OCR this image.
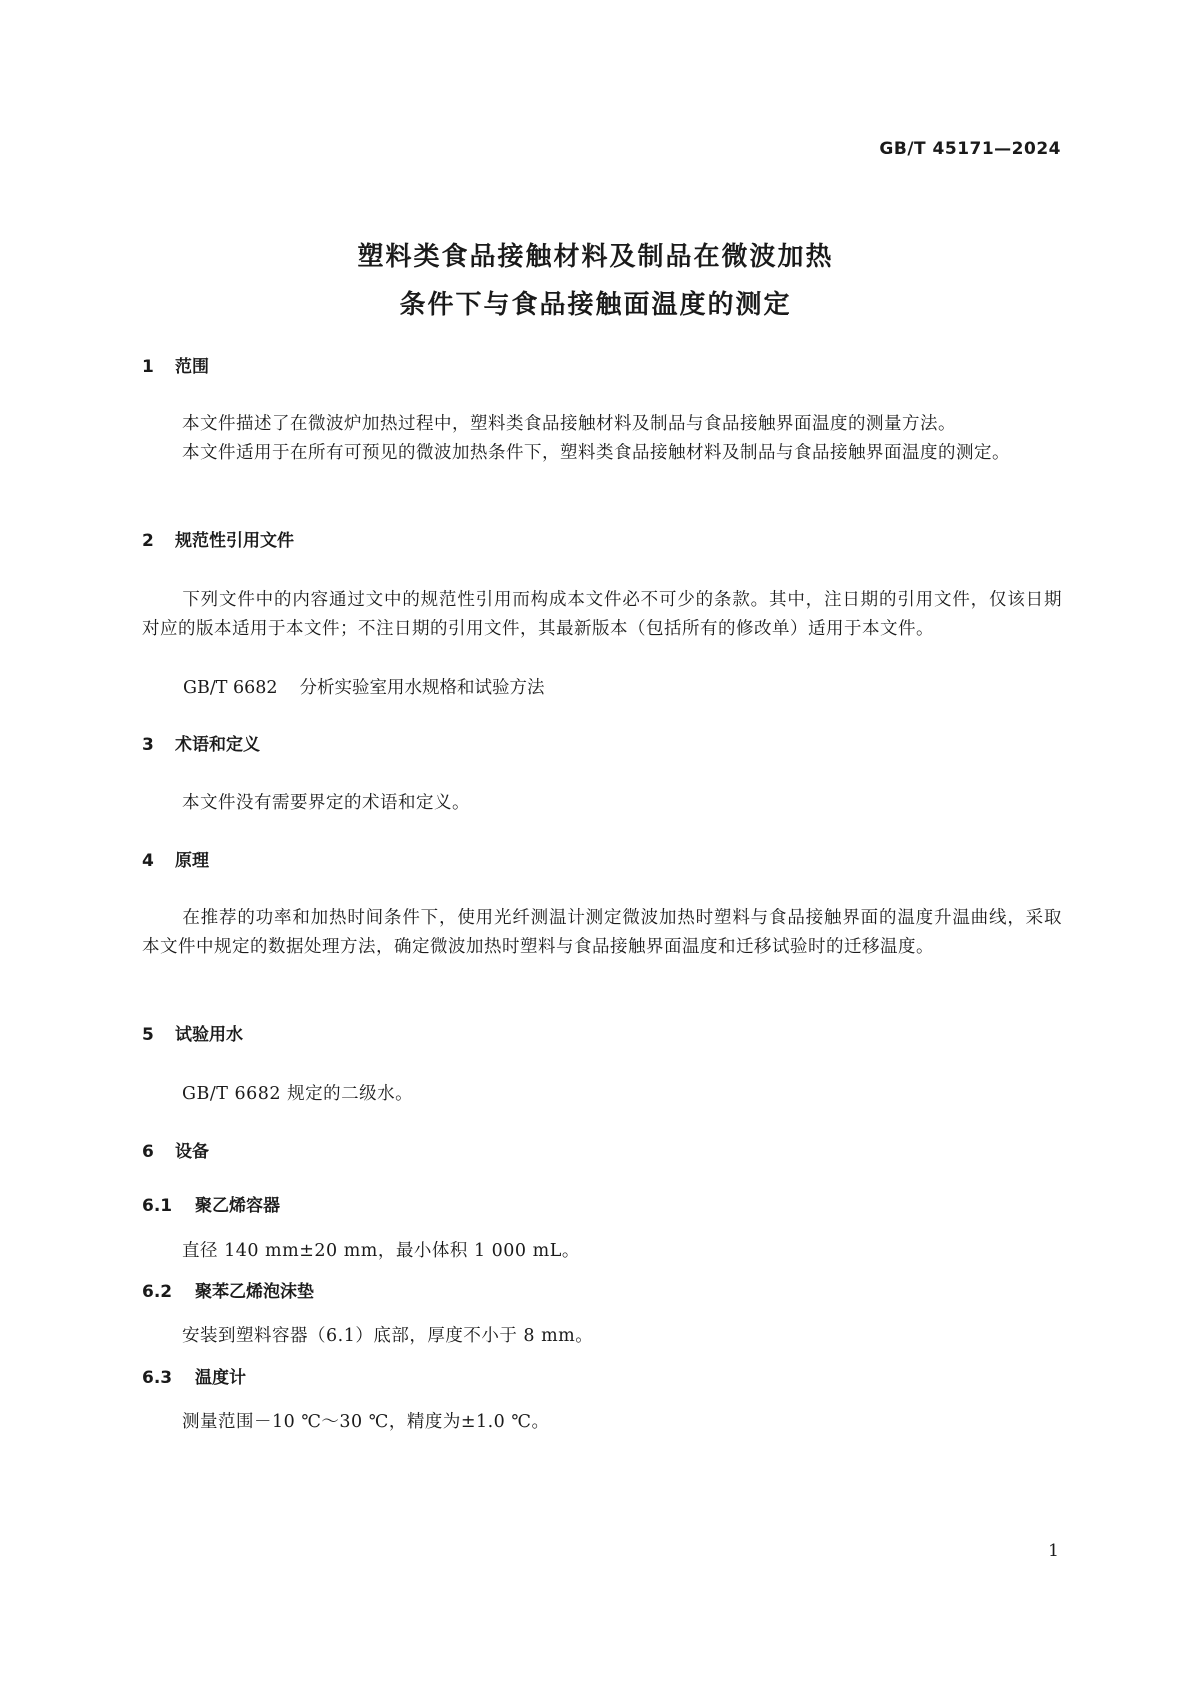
GB/T 45171—2024
塑料类食品接触材料及制品在微波加热
条件下与食品接触面温度的测定
1 范围

本文件描述了在微波炉加热过程中，塑料类食品接触材料及制品与食品接触界面温度的测量方法。

本文件适用于在所有可预见的微波加热条件下，塑料类食品接触材料及制品与食品接触界面温度的测定。

2 规范性引用文件

下列文件中的内容通过文中的规范性引用而构成本文件必不可少的条款。其中，注日期的引用文件，仅该日期对应的版本适用于本文件；不注日期的引用文件，其最新版本（包括所有的修改单）适用于本文件。

GB/T 6682 分析实验室用水规格和试验方法
3 术语和定义

本文件没有需要界定的术语和定义。

4 原理

在推荐的功率和加热时间条件下，使用光纤测温计测定微波加热时塑料与食品接触界面的温度升温曲线，采取本文件中规定的数据处理方法，确定微波加热时塑料与食品接触界面温度和迁移试验时的迁移温度。

5 试验用水

GB/T 6682 规定的二级水。

6 设备
6.1 聚乙烯容器

直径 140 mm±20 mm，最小体积 1 000 mL。

6.2 聚苯乙烯泡沫垫

安装到塑料容器（6.1）底部，厚度不小于 8 mm。

6.3 温度计

测量范围－10 ℃～30 ℃，精度为±1.0 ℃。

1
